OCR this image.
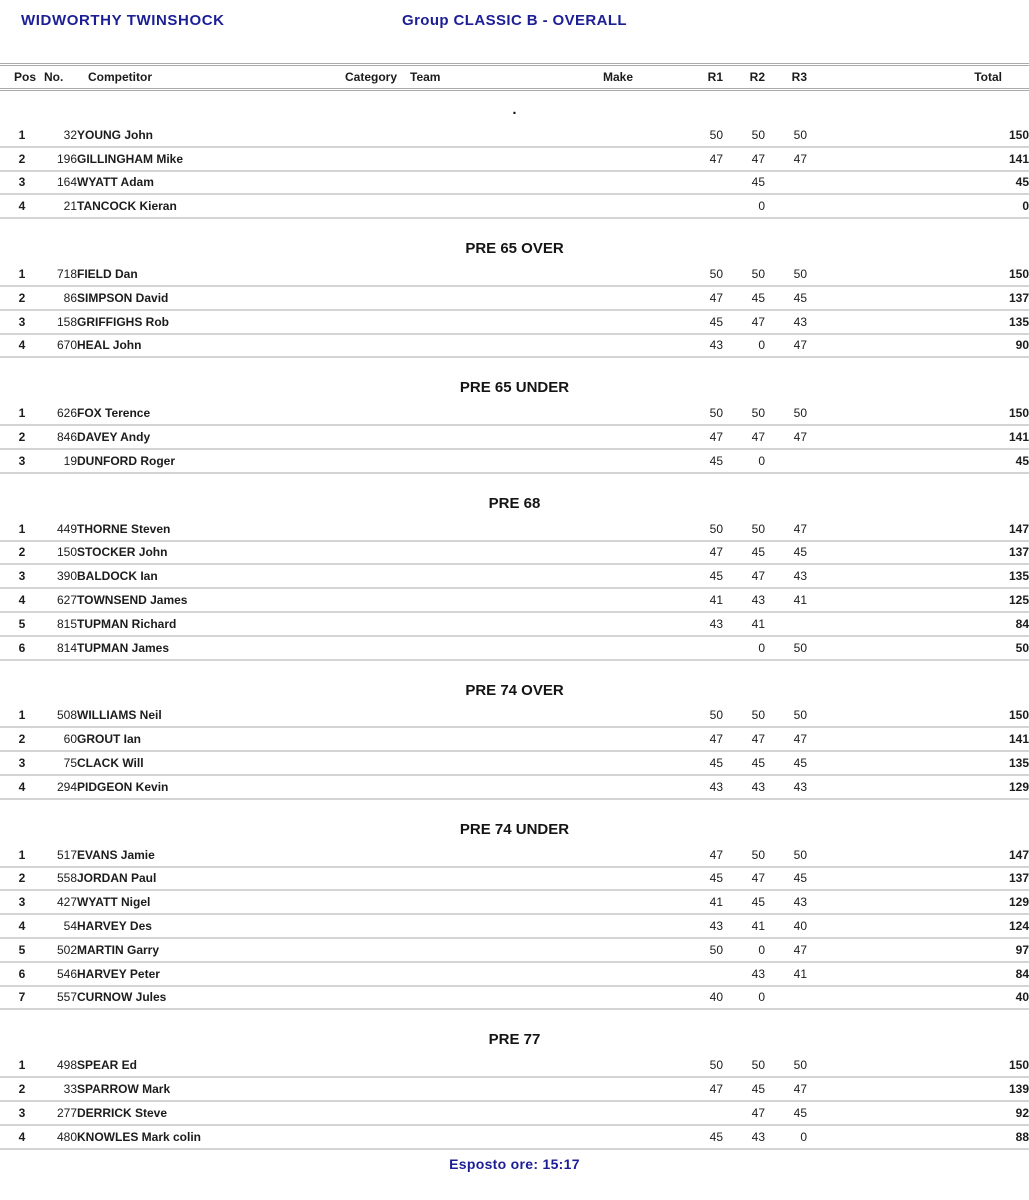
WIDWORTHY TWINSHOCK	Group CLASSIC B - OVERALL
Pos	No.	Competitor	Category	Team	Make	R1	R2	R3	Total
.									
1	32	YOUNG John				50	50	50	150
2	196	GILLINGHAM Mike				47	47	47	141
3	164	WYATT Adam					45		45
4	21	TANCOCK Kieran					0		0
PRE 65 OVER									
1	718	FIELD Dan				50	50	50	150
2	86	SIMPSON David				47	45	45	137
3	158	GRIFFIGHS Rob				45	47	43	135
4	670	HEAL John				43	0	47	90
PRE 65 UNDER									
1	626	FOX Terence				50	50	50	150
2	846	DAVEY Andy				47	47	47	141
3	19	DUNFORD Roger				45	0		45
PRE 68									
1	449	THORNE Steven				50	50	47	147
2	150	STOCKER John				47	45	45	137
3	390	BALDOCK Ian				45	47	43	135
4	627	TOWNSEND James				41	43	41	125
5	815	TUPMAN Richard				43	41		84
6	814	TUPMAN James					0	50	50
PRE 74 OVER									
1	508	WILLIAMS Neil				50	50	50	150
2	60	GROUT Ian				47	47	47	141
3	75	CLACK Will				45	45	45	135
4	294	PIDGEON Kevin				43	43	43	129
PRE 74 UNDER									
1	517	EVANS Jamie				47	50	50	147
2	558	JORDAN Paul				45	47	45	137
3	427	WYATT Nigel				41	45	43	129
4	54	HARVEY Des				43	41	40	124
5	502	MARTIN Garry				50	0	47	97
6	546	HARVEY Peter					43	41	84
7	557	CURNOW Jules				40	0		40
PRE 77									
1	498	SPEAR Ed				50	50	50	150
2	33	SPARROW Mark				47	45	47	139
3	277	DERRICK Steve					47	45	92
4	480	KNOWLES Mark colin				45	43	0	88
Esposto ore: 15:17
